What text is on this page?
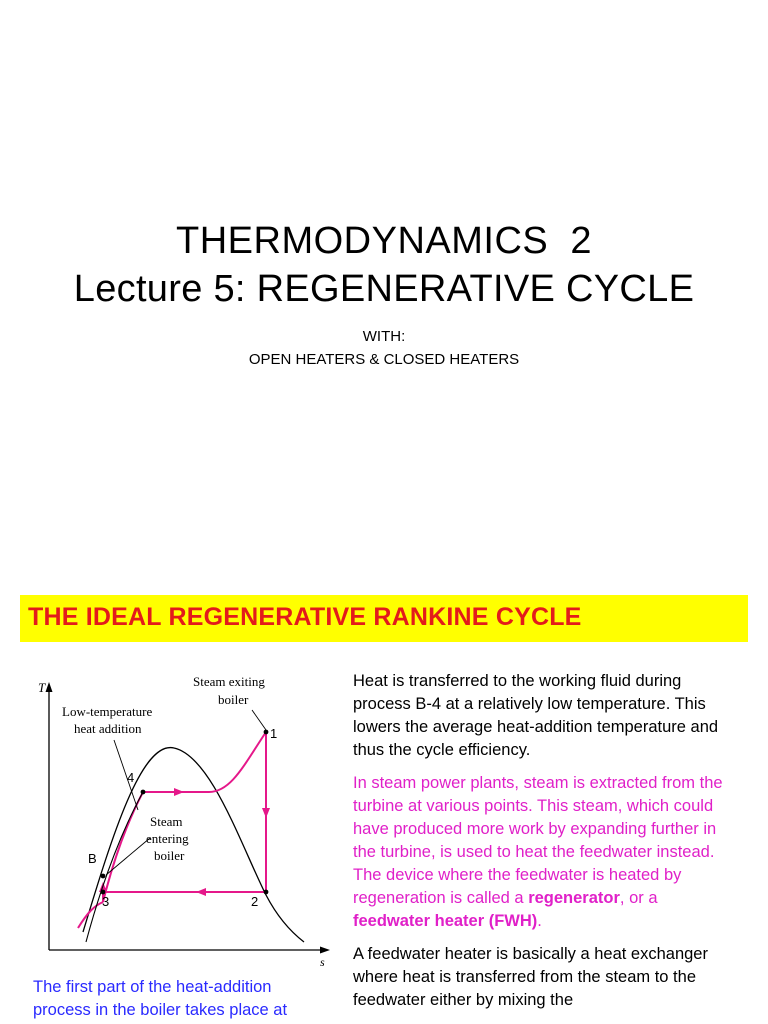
THERMODYNAMICS  2
Lecture 5: REGENERATIVE CYCLE
WITH:
OPEN HEATERS & CLOSED HEATERS
THE IDEAL REGENERATIVE RANKINE CYCLE
T
s
1
2
3
4
B
Steam exiting
boiler
Low-temperature
heat addition
Steam
entering
boiler

Heat is transferred to the working fluid during process B-4 at a relatively low temperature. This lowers the average heat-addition temperature and thus the cycle efficiency.

In steam power plants, steam is extracted from the turbine at various points. This steam, which could have produced more work by expanding further in the turbine, is used to heat the feedwater instead. The device where the feedwater is heated by regeneration is called a regenerator, or a feedwater heater (FWH).

A feedwater heater is basically a heat exchanger where heat is transferred from the steam to the feedwater either by mixing the

The first part of the heat-addition process in the boiler takes place at
